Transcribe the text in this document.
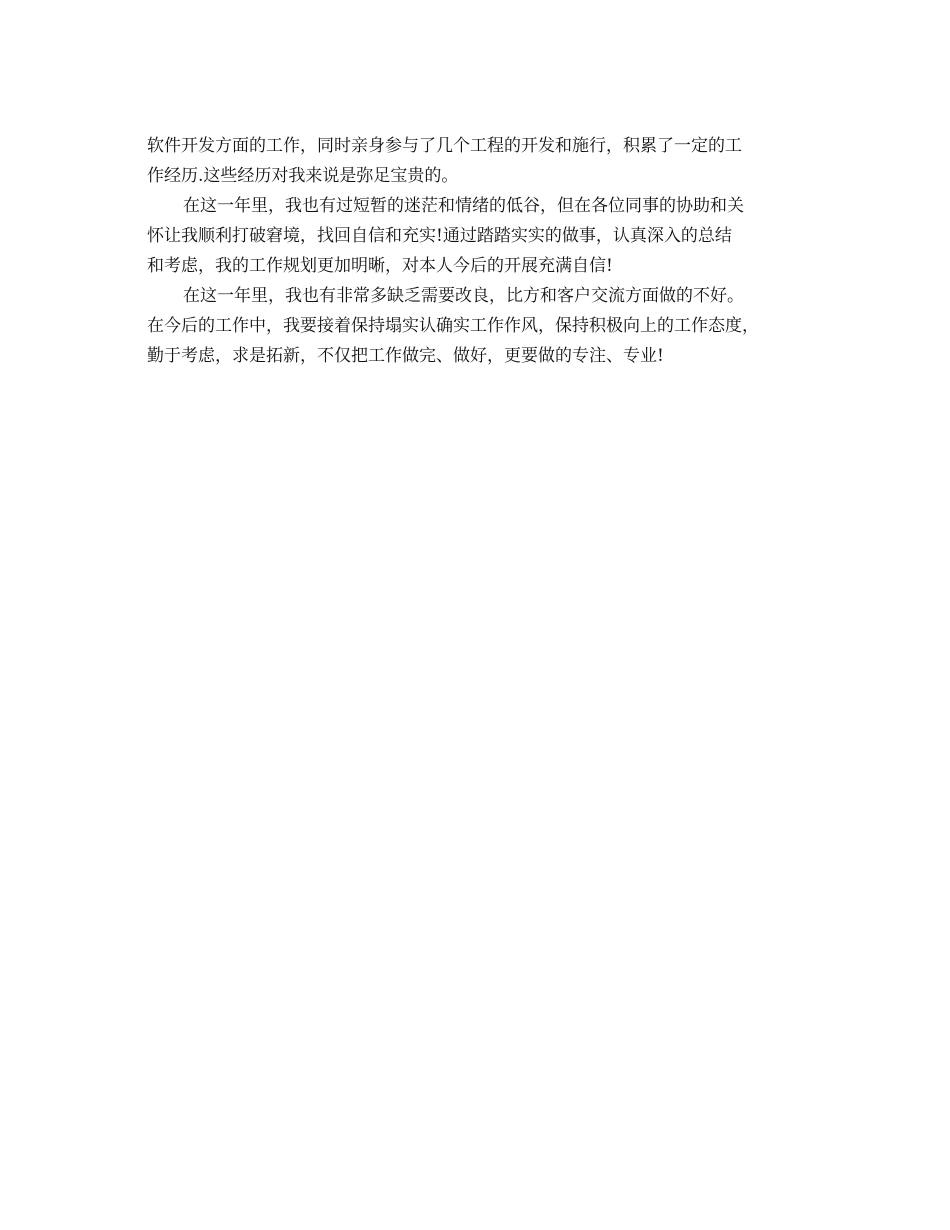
软件开发方面的工作，同时亲身参与了几个工程的开发和施行，积累了一定的工
作经历.这些经历对我来说是弥足宝贵的。
在这一年里，我也有过短暂的迷茫和情绪的低谷，但在各位同事的协助和关
怀让我顺利打破窘境，找回自信和充实!通过踏踏实实的做事，认真深入的总结
和考虑，我的工作规划更加明晰，对本人今后的开展充满自信!
在这一年里，我也有非常多缺乏需要改良，比方和客户交流方面做的不好。
在今后的工作中，我要接着保持塌实认确实工作作风，保持积极向上的工作态度，
勤于考虑，求是拓新，不仅把工作做完、做好，更要做的专注、专业!
